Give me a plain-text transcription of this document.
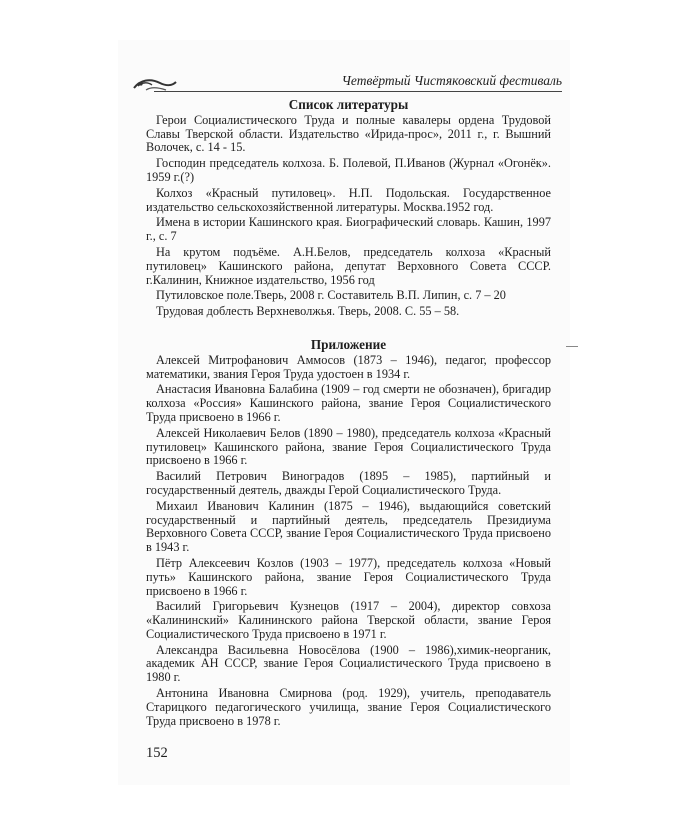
Четвёртый Чистяковский фестиваль
Список литературы

Герои Социалистического Труда и полные кавалеры ордена Трудовой Славы Тверской области. Издательство «Ирида-прос», 2011 г., г. Вышний Волочек, с. 14 - 15.

Господин председатель колхоза. Б. Полевой, П.Иванов (Журнал «Огонёк». 1959 г.(?)

Колхоз «Красный путиловец». Н.П. Подольская. Государственное издательство сельскохозяйственной литературы. Москва.1952 год.

Имена в истории Кашинского края. Биографический словарь. Кашин, 1997 г., с. 7

На крутом подъёме. А.Н.Белов, председатель колхоза «Красный путиловец» Кашинского района, депутат Верховного Совета СССР. г.Калинин, Книжное издательство, 1956 год

Путиловское поле.Тверь, 2008 г. Составитель В.П. Липин, с. 7 – 20

Трудовая доблесть Верхневолжья. Тверь, 2008. С. 55 – 58.

Приложение

Алексей Митрофанович Аммосов (1873 – 1946), педагог, профессор математики, звания Героя Труда удостоен в 1934 г.

Анастасия Ивановна Балабина (1909 – год смерти не обозначен), бригадир колхоза «Россия» Кашинского района, звание Героя Социалистического Труда присвоено в 1966 г.

Алексей Николаевич Белов (1890 – 1980), председатель колхоза «Красный путиловец» Кашинского района, звание Героя Социалистического Труда присвоено в 1966 г.

Василий Петрович Виноградов (1895 – 1985), партийный и государственный деятель, дважды Герой Социалистического Труда.

Михаил Иванович Калинин (1875 – 1946), выдающийся советский государственный и партийный деятель, председатель Президиума Верховного Совета СССР, звание Героя Социалистического Труда присвоено в 1943 г.

Пётр Алексеевич Козлов (1903 – 1977), председатель колхоза «Новый путь» Кашинского района, звание Героя Социалистического Труда присвоено в 1966 г.

Василий Григорьевич Кузнецов (1917 – 2004), директор совхоза «Калининский» Калининского района Тверской области, звание Героя Социалистического Труда присвоено в 1971 г.

Александра Васильевна Новосёлова (1900 – 1986),химик-неорганик, академик АН СССР, звание Героя Социалистического Труда присвоено в 1980 г.

Антонина Ивановна Смирнова (род. 1929), учитель, преподаватель Старицкого педагогического училища, звание Героя Социалистического Труда присвоено в 1978 г.

152
